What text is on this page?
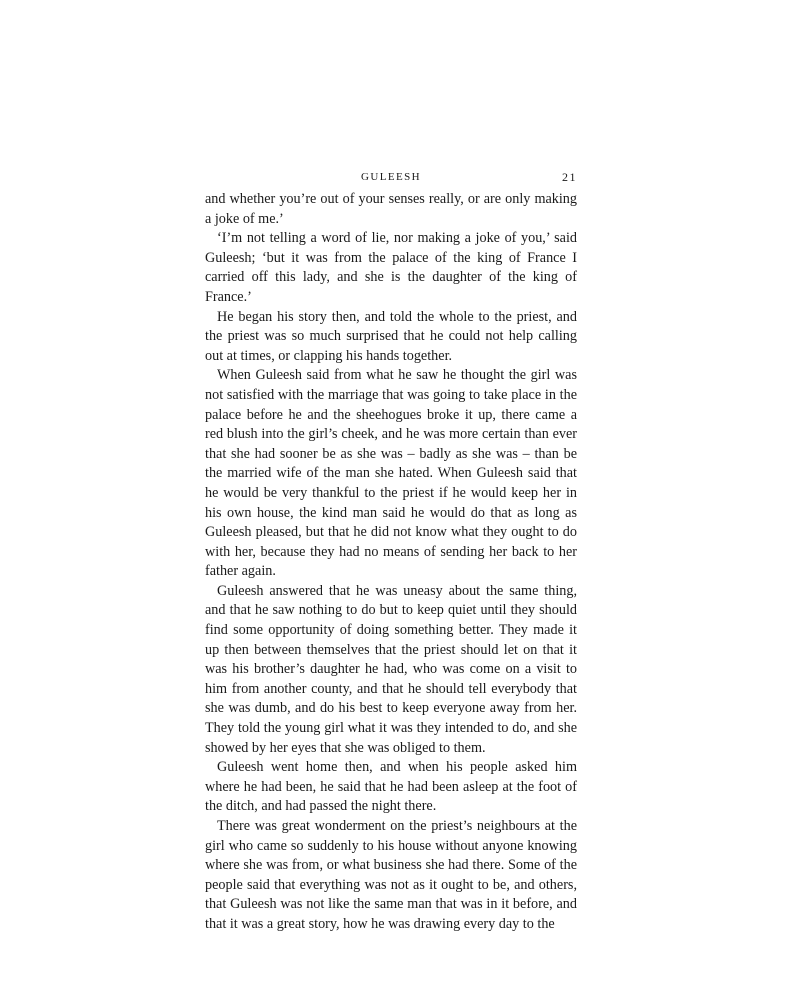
GULEESH	21

and whether you’re out of your senses really, or are only making a joke of me.’

‘I’m not telling a word of lie, nor making a joke of you,’ said Guleesh; ‘but it was from the palace of the king of France I carried off this lady, and she is the daughter of the king of France.’

He began his story then, and told the whole to the priest, and the priest was so much surprised that he could not help calling out at times, or clapping his hands together.

When Guleesh said from what he saw he thought the girl was not satisfied with the marriage that was going to take place in the palace before he and the sheehogues broke it up, there came a red blush into the girl’s cheek, and he was more certain than ever that she had sooner be as she was – badly as she was – than be the married wife of the man she hated. When Guleesh said that he would be very thankful to the priest if he would keep her in his own house, the kind man said he would do that as long as Guleesh pleased, but that he did not know what they ought to do with her, because they had no means of sending her back to her father again.

Guleesh answered that he was uneasy about the same thing, and that he saw nothing to do but to keep quiet until they should find some opportunity of doing something better. They made it up then between themselves that the priest should let on that it was his brother’s daughter he had, who was come on a visit to him from another county, and that he should tell everybody that she was dumb, and do his best to keep everyone away from her. They told the young girl what it was they intended to do, and she showed by her eyes that she was obliged to them.

Guleesh went home then, and when his people asked him where he had been, he said that he had been asleep at the foot of the ditch, and had passed the night there.

There was great wonderment on the priest’s neighbours at the girl who came so suddenly to his house without anyone knowing where she was from, or what business she had there. Some of the people said that everything was not as it ought to be, and others, that Guleesh was not like the same man that was in it before, and that it was a great story, how he was drawing every day to the
